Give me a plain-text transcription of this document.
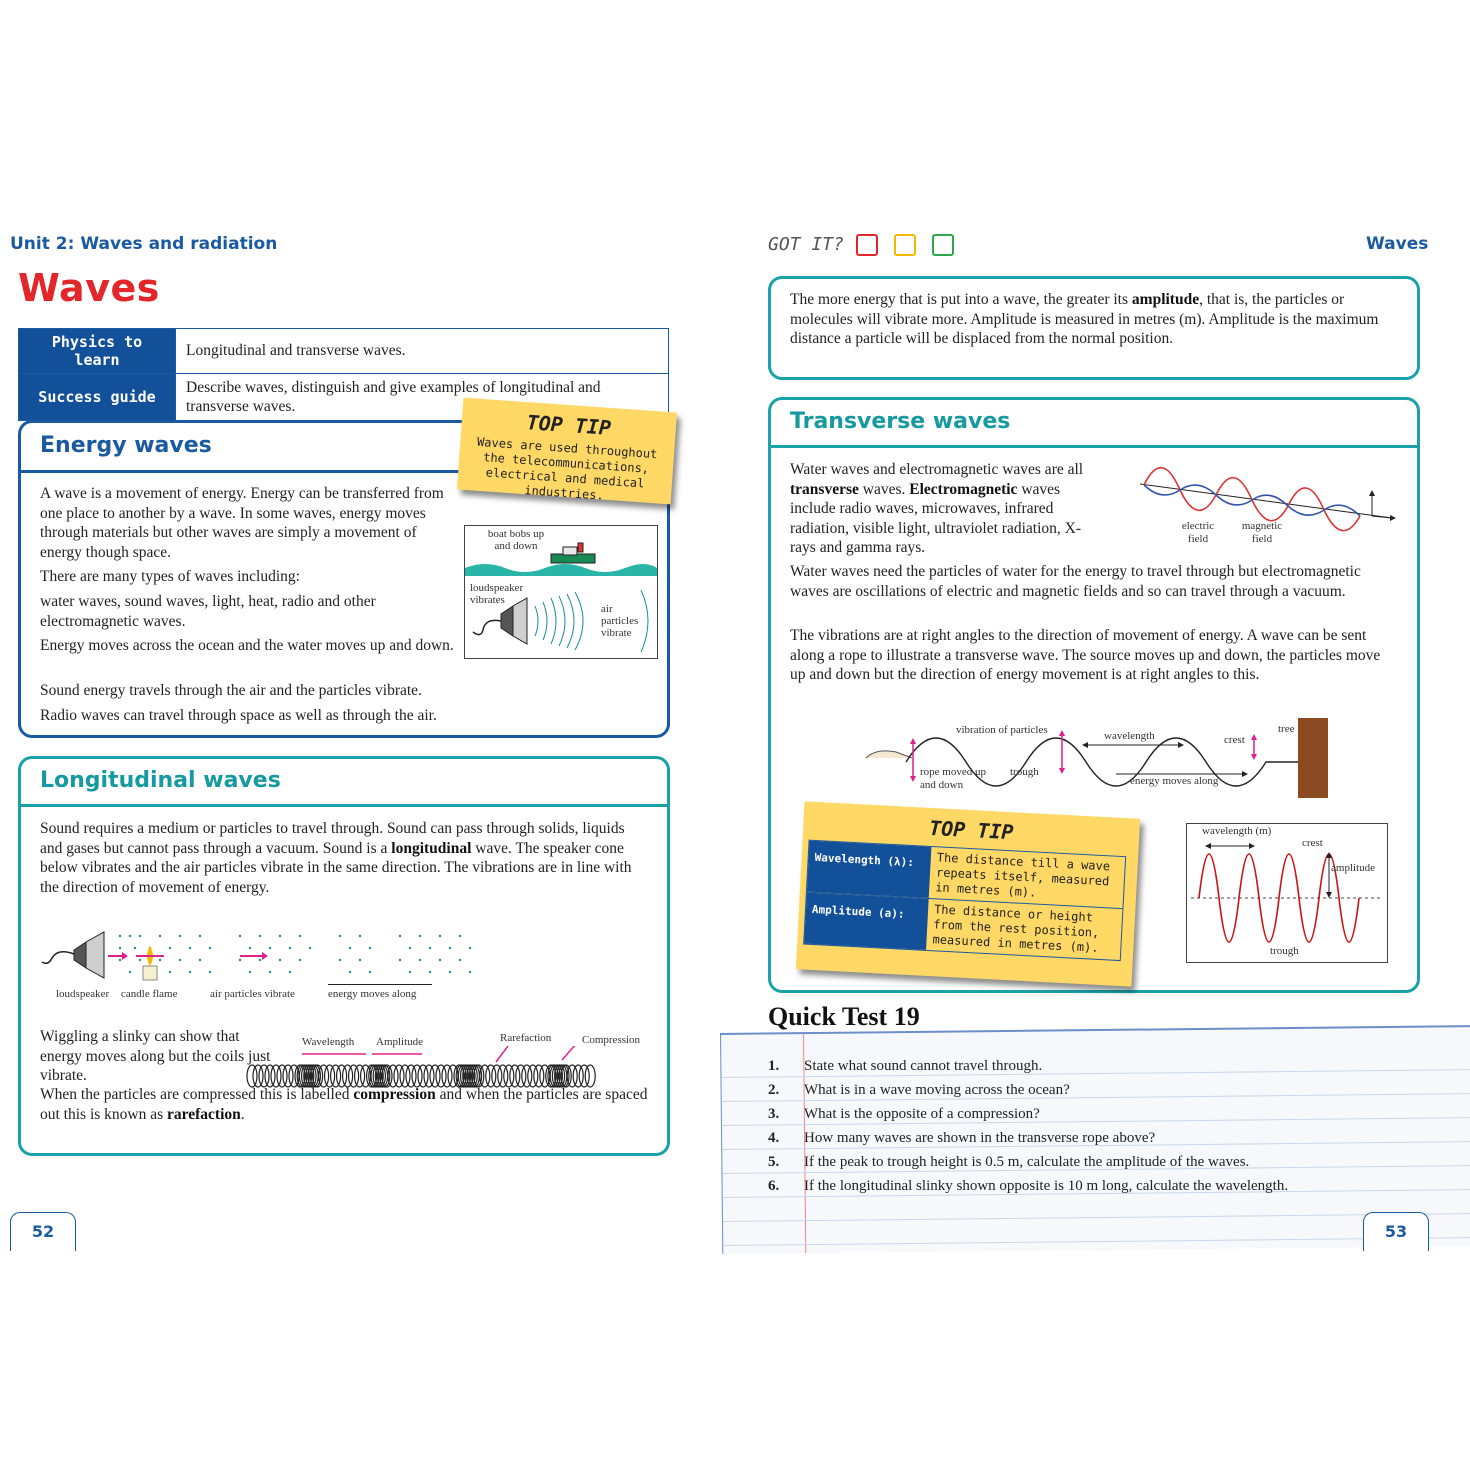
Unit 2: Waves and radiation
Waves
Physics to learn	Longitudinal and transverse waves.
Success guide	Describe waves, distinguish and give examples of longitudinal and transverse waves.
Energy waves
A wave is a movement of energy. Energy can be transferred from one place to another by a wave. In some waves, energy moves through materials but other waves are simply a movement of energy though space.
There are many types of waves including:
water waves, sound waves, light, heat, radio and other electromagnetic waves.
Energy moves across the ocean and the water moves up and down.
Sound energy travels through the air and the particles vibrate.
Radio waves can travel through space as well as through the air.
TOP TIP
Waves are used throughout the telecommunications, electrical and medical industries.
boat bobs up and down
loudspeaker vibrates
air particles vibrate
Longitudinal waves
Sound requires a medium or particles to travel through. Sound can pass through solids, liquids and gases but cannot pass through a vacuum. Sound is a longitudinal wave. The speaker cone below vibrates and the air particles vibrate in the same direction. The vibrations are in line with the direction of movement of energy.
loudspeaker candle flame	air particles vibrate	energy moves along
Wiggling a slinky can show that energy moves along but the coils just vibrate.
When the particles are compressed this is labelled compression and when the particles are spaced out this is known as rarefaction.
Wavelength Amplitude	Rarefaction	Compression
52
GOT IT?	Waves
The more energy that is put into a wave, the greater its amplitude, that is, the particles or molecules will vibrate more. Amplitude is measured in metres (m). Amplitude is the maximum distance a particle will be displaced from the normal position.
Transverse waves
Water waves and electromagnetic waves are all transverse waves. Electromagnetic waves include radio waves, microwaves, infrared radiation, visible light, ultraviolet radiation, X-rays and gamma rays.
Water waves need the particles of water for the energy to travel through but electromagnetic waves are oscillations of electric and magnetic fields and so can travel through a vacuum.
The vibrations are at right angles to the direction of movement of energy. A wave can be sent along a rope to illustrate a transverse wave. The source moves up and down, the particles move up and down but the direction of energy movement is at right angles to this.
electric field
magnetic field
vibration of particles	wavelength	crest
tree
rope moved up and down
trough
energy moves along
TOP TIP
Wavelength (λ):	The distance till a wave repeats itself, measured in metres (m).
Amplitude (a):	The distance or height from the rest position, measured in metres (m).
wavelength (m)
crest
amplitude
trough
Quick Test 19
1. State what sound cannot travel through.
2. What is in a wave moving across the ocean?
3. What is the opposite of a compression?
4. How many waves are shown in the transverse rope above?
5. If the peak to trough height is 0.5 m, calculate the amplitude of the waves.
6. If the longitudinal slinky shown opposite is 10 m long, calculate the wavelength.
53
